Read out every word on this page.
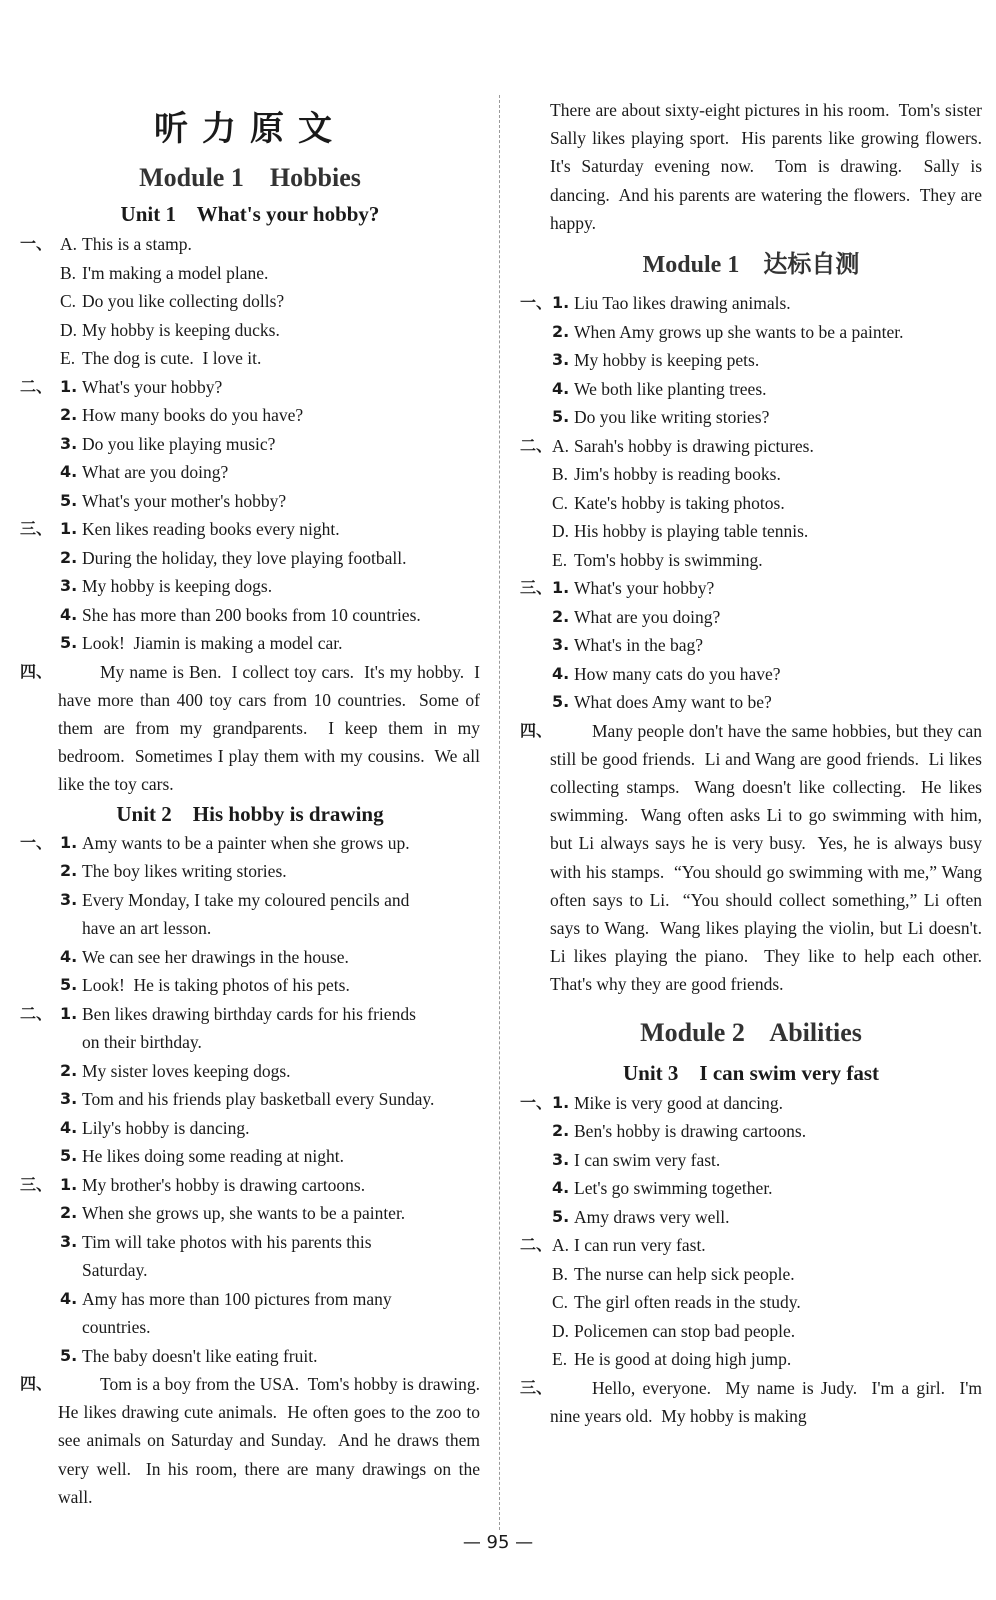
听力原文
Module 1    Hobbies
Unit 1    What's your hobby?
一、 A. This is a stamp.
B. I'm making a model plane.
C. Do you like collecting dolls?
D. My hobby is keeping ducks.
E. The dog is cute.  I love it.
二、 1. What's your hobby?
2. How many books do you have?
3. Do you like playing music?
4. What are you doing?
5. What's your mother's hobby?
三、 1. Ken likes reading books every night.
2. During the holiday, they love playing football.
3. My hobby is keeping dogs.
4. She has more than 200 books from 10 countries.
5. Look!  Jiamin is making a model car.
四、	My name is Ben.  I collect toy cars.  It's my hobby.  I have more than 400 toy cars from 10 countries.  Some of them are from my grandparents.  I keep them in my bedroom.  Sometimes I play them with my cousins.  We all like the toy cars.
Unit 2    His hobby is drawing
一、 1. Amy wants to be a painter when she grows up.
2. The boy likes writing stories.
3. Every Monday, I take my coloured pencils and
have an art lesson.
4. We can see her drawings in the house.
5. Look!  He is taking photos of his pets.
二、 1. Ben likes drawing birthday cards for his friends
on their birthday.
2. My sister loves keeping dogs.
3. Tom and his friends play basketball every Sunday.
4. Lily's hobby is dancing.
5. He likes doing some reading at night.
三、 1. My brother's hobby is drawing cartoons.
2. When she grows up, she wants to be a painter.
3. Tim will take photos with his parents this
Saturday.
4. Amy has more than 100 pictures from many
countries.
5. The baby doesn't like eating fruit.
四、	Tom is a boy from the USA.  Tom's hobby is drawing.  He likes drawing cute animals.  He often goes to the zoo to see animals on Saturday and Sunday.  And he draws them very well.  In his room, there are many drawings on the wall.
There are about sixty-eight pictures in his room.  Tom's sister Sally likes playing sport.  His parents like growing flowers.  It's Saturday evening now.  Tom is drawing.  Sally is dancing.  And his parents are watering the flowers.  They are happy.
Module 1    达标自测
一、 1. Liu Tao likes drawing animals.
2. When Amy grows up she wants to be a painter.
3. My hobby is keeping pets.
4. We both like planting trees.
5. Do you like writing stories?
二、 A. Sarah's hobby is drawing pictures.
B. Jim's hobby is reading books.
C. Kate's hobby is taking photos.
D. His hobby is playing table tennis.
E. Tom's hobby is swimming.
三、 1. What's your hobby?
2. What are you doing?
3. What's in the bag?
4. How many cats do you have?
5. What does Amy want to be?
四、	Many people don't have the same hobbies, but they can still be good friends.  Li and Wang are good friends.  Li likes collecting stamps.  Wang doesn't like collecting.  He likes swimming.  Wang often asks Li to go swimming with him, but Li always says he is very busy.  Yes, he is always busy with his stamps.  “You should go swimming with me,” Wang often says to Li.  “You should collect something,” Li often says to Wang.  Wang likes playing the violin, but Li doesn't.  Li likes playing the piano.  They like to help each other.  That's why they are good friends.
Module 2    Abilities
Unit 3    I can swim very fast
一、 1. Mike is very good at dancing.
2. Ben's hobby is drawing cartoons.
3. I can swim very fast.
4. Let's go swimming together.
5. Amy draws very well.
二、 A. I can run very fast.
B. The nurse can help sick people.
C. The girl often reads in the study.
D. Policemen can stop bad people.
E. He is good at doing high jump.
三、	Hello, everyone.  My name is Judy.  I'm a girl.  I'm nine years old.  My hobby is making
— 95 —
